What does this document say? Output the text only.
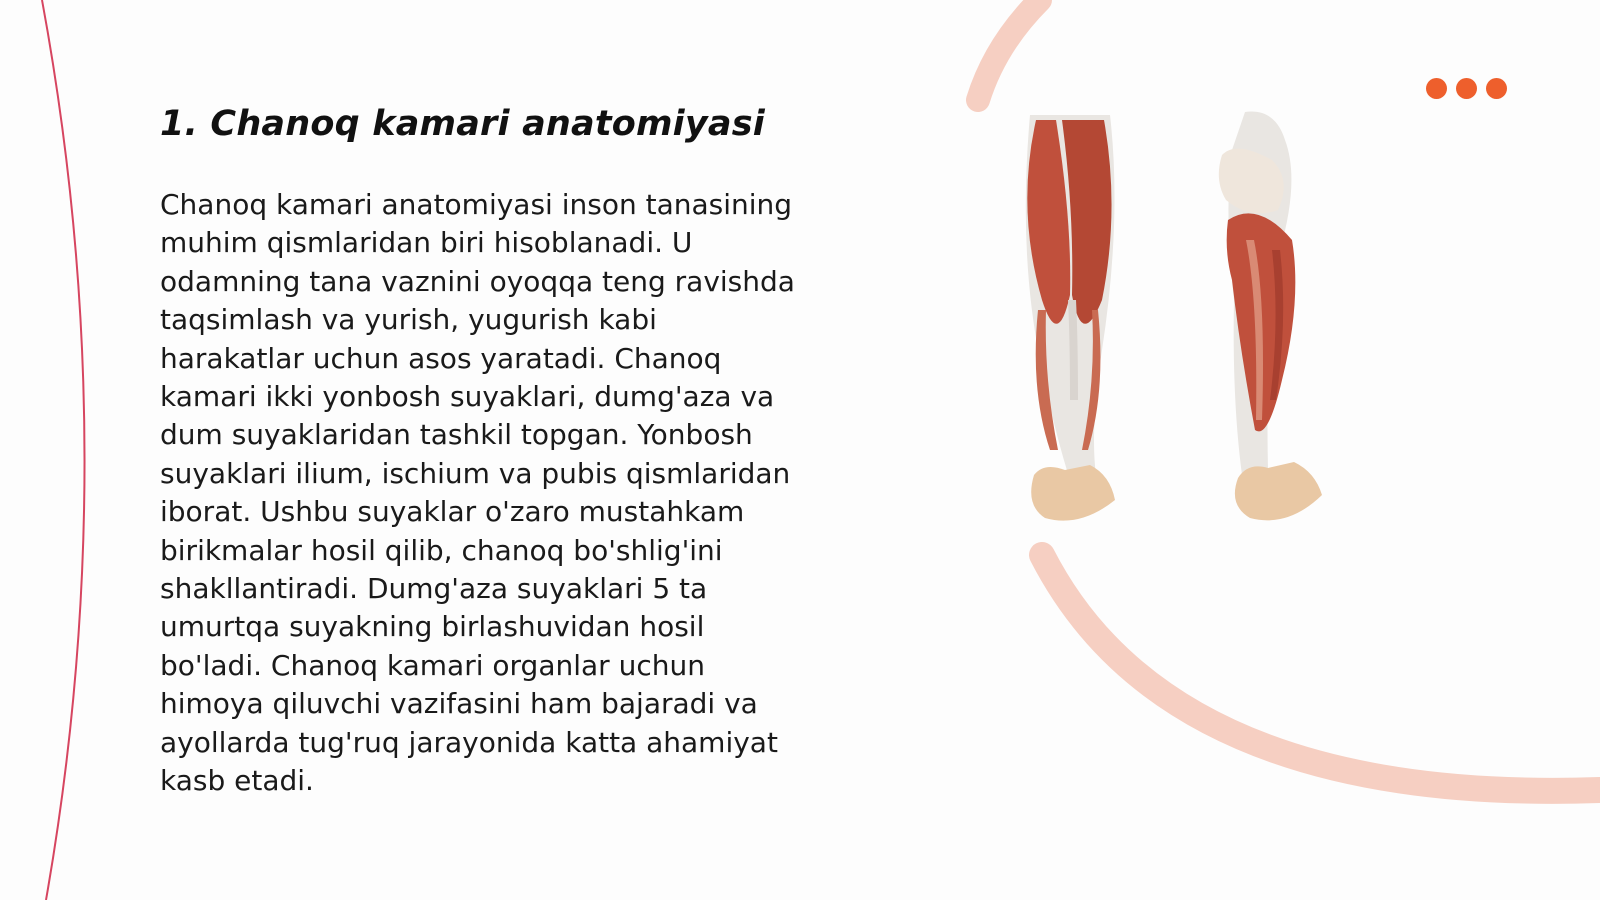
1. Chanoq kamari anatomiyasi

Chanoq kamari anatomiyasi inson tanasining
muhim qismlaridan biri hisoblanadi. U
odamning tana vaznini oyoqqa teng ravishda
taqsimlash va yurish, yugurish kabi
harakatlar uchun asos yaratadi. Chanoq
kamari ikki yonbosh suyaklari, dumg'aza va
dum suyaklaridan tashkil topgan. Yonbosh
suyaklari ilium, ischium va pubis qismlaridan
iborat. Ushbu suyaklar o'zaro mustahkam
birikmalar hosil qilib, chanoq bo'shlig'ini
shakllantiradi. Dumg'aza suyaklari 5 ta
umurtqa suyakning birlashuvidan hosil
bo'ladi. Chanoq kamari organlar uchun
himoya qiluvchi vazifasini ham bajaradi va
ayollarda tug'ruq jarayonida katta ahamiyat
kasb etadi.
